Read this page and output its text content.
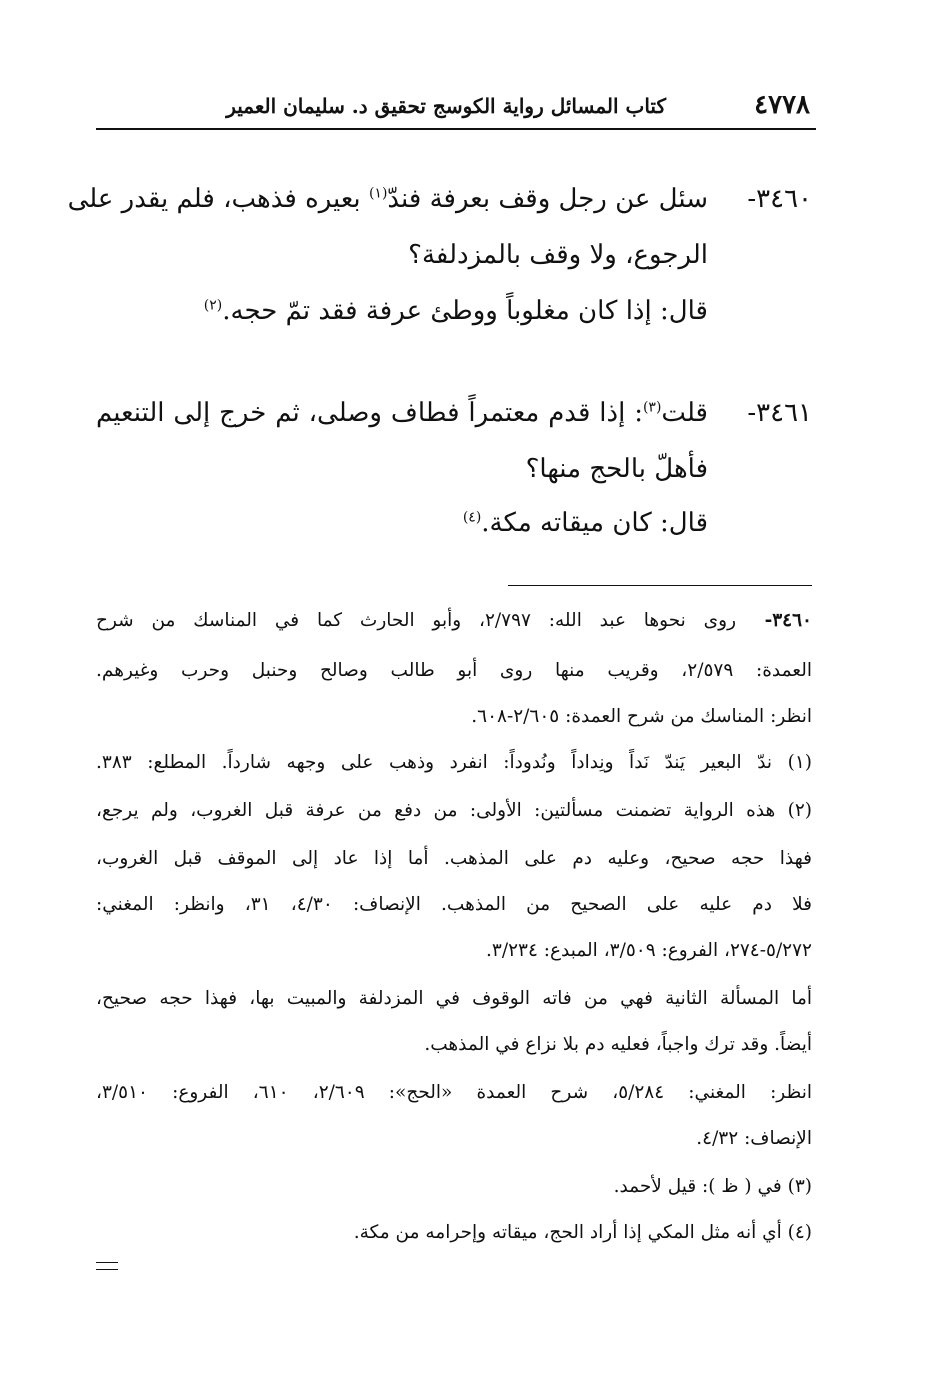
٤٧٧٨
كتاب المسائل رواية الكوسج تحقيق د. سليمان العمير
٣٤٦٠-
سئل عن رجل وقف بعرفة فندّ$^{(١)}$ بعيره فذهب، فلم يقدر على
الرجوع، ولا وقف بالمزدلفة؟
قال: إذا كان مغلوباً ووطئ عرفة فقد تمّ حجه.$^{(٢)}$
٣٤٦١-
قلت$^{(٣)}$: إذا قدم معتمراً فطاف وصلى، ثم خرج إلى التنعيم
فأهلّ بالحج منها؟
قال: كان ميقاته مكة.$^{(٤)}$
٣٤٦٠-
روى نحوها عبد الله: ٢/٧٩٧، وأبو الحارث كما في المناسك من شرح
العمدة: ٢/٥٧٩، وقريب منها روى أبو طالب وصالح وحنبل وحرب وغيرهم.
انظر: المناسك من شرح العمدة: ٢/٦٠٥-٦٠٨.
(١) ندّ البعير يَندّ نَداً ونِداداً ونُدوداً: انفرد وذهب على وجهه شارداً. المطلع: ٣٨٣.
(٢) هذه الرواية تضمنت مسألتين: الأولى: من دفع من عرفة قبل الغروب، ولم يرجع،
فهذا حجه صحيح، وعليه دم على المذهب. أما إذا عاد إلى الموقف قبل الغروب،
فلا دم عليه على الصحيح من المذهب. الإنصاف: ٤/٣٠، ٣١، وانظر: المغني:
٥/٢٧٢-٢٧٤، الفروع: ٣/٥٠٩، المبدع: ٣/٢٣٤.
أما المسألة الثانية فهي من فاته الوقوف في المزدلفة والمبيت بها، فهذا حجه صحيح،
أيضاً. وقد ترك واجباً، فعليه دم بلا نزاع في المذهب.
انظر: المغني: ٥/٢٨٤، شرح العمدة «الحج»: ٢/٦٠٩، ٦١٠، الفروع: ٣/٥١٠،
الإنصاف: ٤/٣٢.
(٣) في ( ظ ): قيل لأحمد.
(٤) أي أنه مثل المكي إذا أراد الحج، ميقاته وإحرامه من مكة.
